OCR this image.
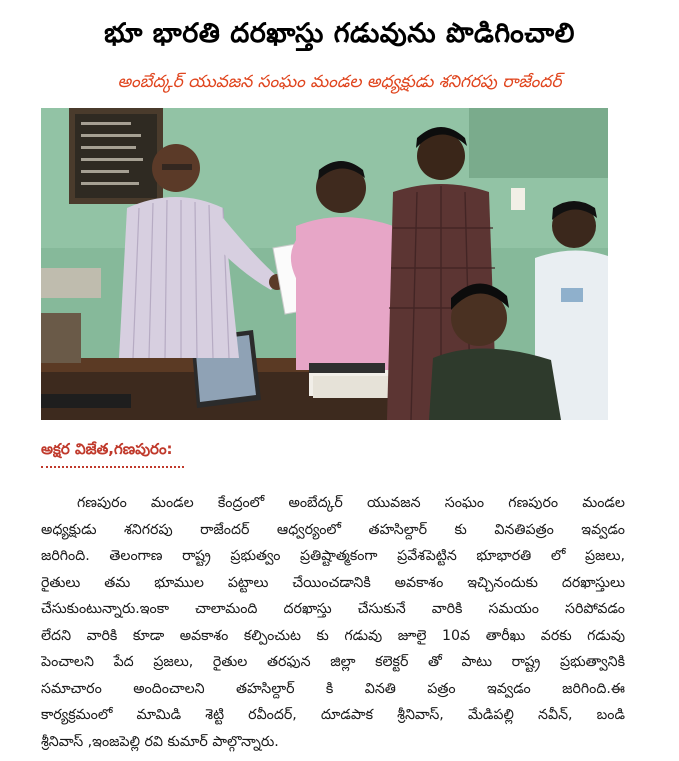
భూ భారతి దరఖాస్తు గడువును పొడిగించాలి
అంబేద్కర్ యువజన సంఘం మండల అధ్యక్షుడు శనిగరపు రాజేందర్
అక్షర విజేత,గణపురం:
గణపురం మండల కేంద్రంలో అంబేద్కర్ యువజన సంఘం గణపురం మండల
అధ్యక్షుడు శనిగరపు రాజేందర్ ఆధ్వర్యంలో తహసిల్దార్ కు వినతిపత్రం ఇవ్వడం
జరిగింది. తెలంగాణ రాష్ట్ర ప్రభుత్వం ప్రతిష్టాత్మకంగా ప్రవేశపెట్టిన భూభారతి లో ప్రజలు,
రైతులు తమ భూముల పట్టాలు చేయించడానికి అవకాశం ఇచ్చినందుకు దరఖాస్తులు
చేసుకుంటున్నారు.ఇంకా చాలామంది దరఖాస్తు చేసుకునే వారికి సమయం సరిపోవడం
లేదని వారికి కూడా అవకాశం కల్పించుట కు గడువు జూలై 10వ తారీఖు వరకు గడువు
పెంచాలని పేద ప్రజలు, రైతుల తరఫున జిల్లా కలెక్టర్ తో పాటు రాష్ట్ర ప్రభుత్వానికి
సమాచారం అందించాలని తహసిల్దార్ కి వినతి పత్రం ఇవ్వడం జరిగింది.ఈ
కార్యక్రమంలో మామిడి శెట్టి రవీందర్, దూడపాక శ్రీనివాస్, మేడిపల్లి నవీన్, బండి
శ్రీనివాస్ ,ఇంజపెల్లి రవి కుమార్ పాల్గొన్నారు.
